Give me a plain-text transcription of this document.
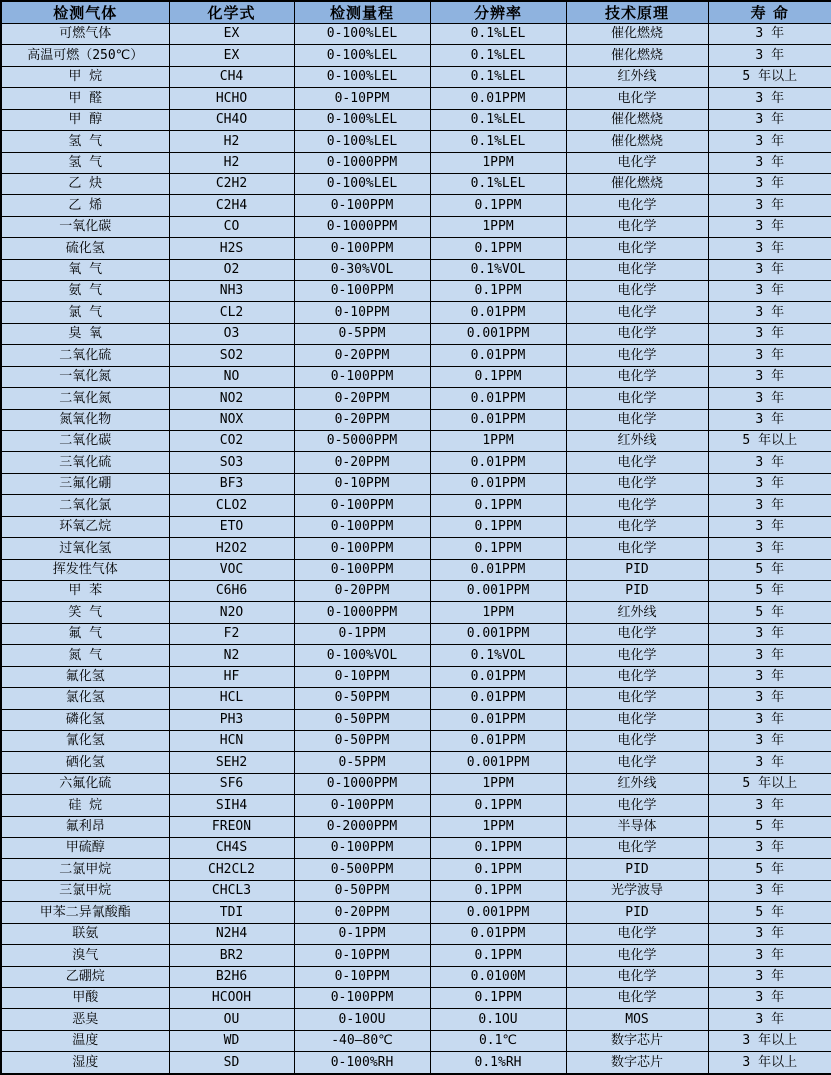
检测气体	化学式	检测量程	分辨率	技术原理	寿 命
可燃气体	EX	0-100%LEL	0.1%LEL	催化燃烧	3 年
高温可燃（250℃）	EX	0-100%LEL	0.1%LEL	催化燃烧	3 年
甲 烷	CH4	0-100%LEL	0.1%LEL	红外线	5 年以上
甲 醛	HCHO	0-10PPM	0.01PPM	电化学	3 年
甲 醇	CH4O	0-100%LEL	0.1%LEL	催化燃烧	3 年
氢 气	H2	0-100%LEL	0.1%LEL	催化燃烧	3 年
氢 气	H2	0-1000PPM	1PPM	电化学	3 年
乙 炔	C2H2	0-100%LEL	0.1%LEL	催化燃烧	3 年
乙 烯	C2H4	0-100PPM	0.1PPM	电化学	3 年
一氧化碳	CO	0-1000PPM	1PPM	电化学	3 年
硫化氢	H2S	0-100PPM	0.1PPM	电化学	3 年
氧 气	O2	0-30%VOL	0.1%VOL	电化学	3 年
氨 气	NH3	0-100PPM	0.1PPM	电化学	3 年
氯 气	CL2	0-10PPM	0.01PPM	电化学	3 年
臭 氧	O3	0-5PPM	0.001PPM	电化学	3 年
二氧化硫	SO2	0-20PPM	0.01PPM	电化学	3 年
一氧化氮	NO	0-100PPM	0.1PPM	电化学	3 年
二氧化氮	NO2	0-20PPM	0.01PPM	电化学	3 年
氮氧化物	NOX	0-20PPM	0.01PPM	电化学	3 年
二氧化碳	CO2	0-5000PPM	1PPM	红外线	5 年以上
三氧化硫	SO3	0-20PPM	0.01PPM	电化学	3 年
三氟化硼	BF3	0-10PPM	0.01PPM	电化学	3 年
二氧化氯	CLO2	0-100PPM	0.1PPM	电化学	3 年
环氧乙烷	ETO	0-100PPM	0.1PPM	电化学	3 年
过氧化氢	H2O2	0-100PPM	0.1PPM	电化学	3 年
挥发性气体	VOC	0-100PPM	0.01PPM	PID	5 年
甲 苯	C6H6	0-20PPM	0.001PPM	PID	5 年
笑 气	N2O	0-1000PPM	1PPM	红外线	5 年
氟 气	F2	0-1PPM	0.001PPM	电化学	3 年
氮 气	N2	0-100%VOL	0.1%VOL	电化学	3 年
氟化氢	HF	0-10PPM	0.01PPM	电化学	3 年
氯化氢	HCL	0-50PPM	0.01PPM	电化学	3 年
磷化氢	PH3	0-50PPM	0.01PPM	电化学	3 年
氰化氢	HCN	0-50PPM	0.01PPM	电化学	3 年
硒化氢	SEH2	0-5PPM	0.001PPM	电化学	3 年
六氟化硫	SF6	0-1000PPM	1PPM	红外线	5 年以上
硅 烷	SIH4	0-100PPM	0.1PPM	电化学	3 年
氟利昂	FREON	0-2000PPM	1PPM	半导体	5 年
甲硫醇	CH4S	0-100PPM	0.1PPM	电化学	3 年
二氯甲烷	CH2CL2	0-500PPM	0.1PPM	PID	5 年
三氯甲烷	CHCL3	0-50PPM	0.1PPM	光学波导	3 年
甲苯二异氰酸酯	TDI	0-20PPM	0.001PPM	PID	5 年
联氨	N2H4	0-1PPM	0.01PPM	电化学	3 年
溴气	BR2	0-10PPM	0.1PPM	电化学	3 年
乙硼烷	B2H6	0-10PPM	0.0100M	电化学	3 年
甲酸	HCOOH	0-100PPM	0.1PPM	电化学	3 年
恶臭	OU	0-10OU	0.1OU	MOS	3 年
温度	WD	-40—80℃	0.1℃	数字芯片	3 年以上
湿度	SD	0-100%RH	0.1%RH	数字芯片	3 年以上
